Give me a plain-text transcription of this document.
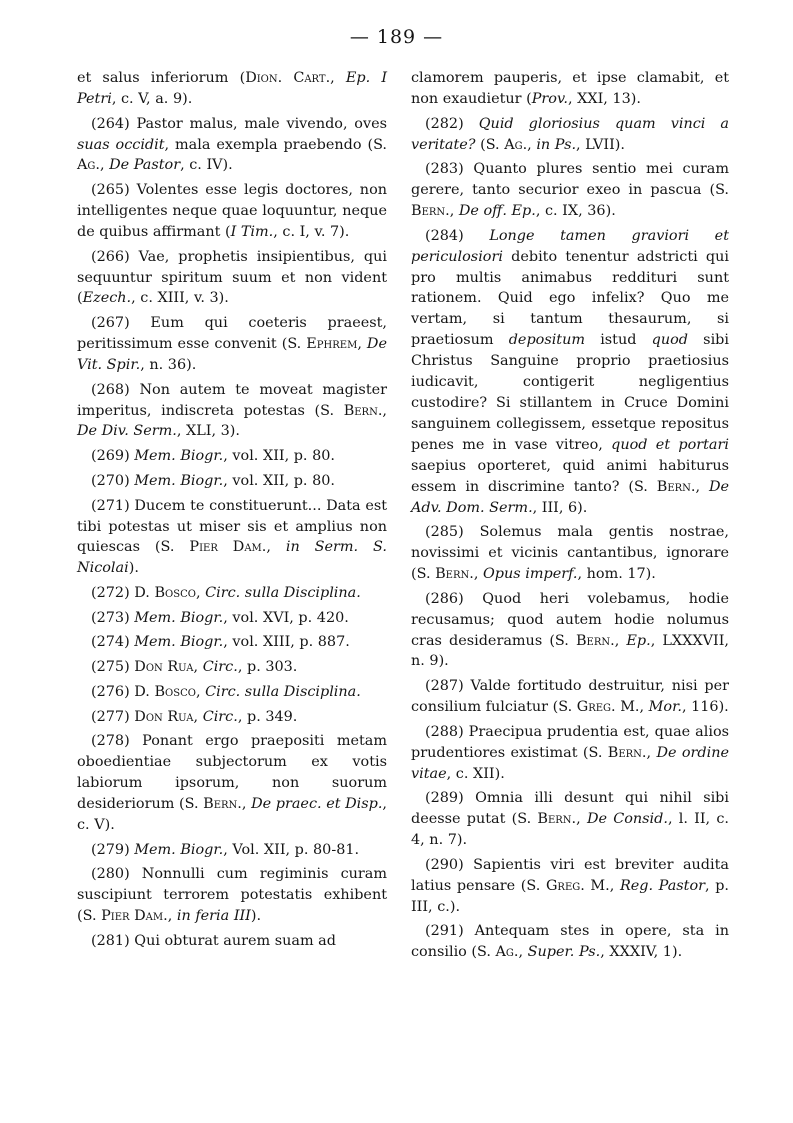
— 189 —

et salus inferiorum (Dion. Cart., Ep. I Petri, c. V, a. 9).

(264) Pastor malus, male vivendo, oves suas occidit, mala exempla praebendo (S. Ag., De Pastor, c. IV).

(265) Volentes esse legis doctores, non intelligentes neque quae loquuntur, neque de quibus affirmant (I Tim., c. I, v. 7).

(266) Vae, prophetis insipientibus, qui sequuntur spiritum suum et non vident (Ezech., c. XIII, v. 3).

(267) Eum qui coeteris praeest, peritissimum esse convenit (S. Ephrem, De Vit. Spir., n. 36).

(268) Non autem te moveat magister imperitus, indiscreta potestas (S. Bern., De Div. Serm., XLI, 3).

(269) Mem. Biogr., vol. XII, p. 80.

(270) Mem. Biogr., vol. XII, p. 80.

(271) Ducem te constituerunt... Data est tibi potestas ut miser sis et amplius non quiescas (S. Pier Dam., in Serm. S. Nicolai).

(272) D. Bosco, Circ. sulla Disciplina.

(273) Mem. Biogr., vol. XVI, p. 420.

(274) Mem. Biogr., vol. XIII, p. 887.

(275) Don Rua, Circ., p. 303.

(276) D. Bosco, Circ. sulla Disciplina.

(277) Don Rua, Circ., p. 349.

(278) Ponant ergo praepositi metam oboedientiae subjectorum ex votis labiorum ipsorum, non suorum desideriorum (S. Bern., De praec. et Disp., c. V).

(279) Mem. Biogr., Vol. XII, p. 80-81.

(280) Nonnulli cum regiminis curam suscipiunt terrorem potestatis exhibent (S. Pier Dam., in feria III).

(281) Qui obturat aurem suam ad

clamorem pauperis, et ipse clamabit, et non exaudietur (Prov., XXI, 13).

(282) Quid gloriosius quam vinci a veritate? (S. Ag., in Ps., LVII).

(283) Quanto plures sentio mei curam gerere, tanto securior exeo in pascua (S. Bern., De off. Ep., c. IX, 36).

(284) Longe tamen graviori et periculosiori debito tenentur adstricti qui pro multis animabus reddituri sunt rationem. Quid ego infelix? Quo me vertam, si tantum thesaurum, si praetiosum depositum istud quod sibi Christus Sanguine proprio praetiosius iudicavit, contigerit negligentius custodire? Si stillantem in Cruce Domini sanguinem collegissem, essetque repositus penes me in vase vitreo, quod et portari saepius oporteret, quid animi habiturus essem in discrimine tanto? (S. Bern., De Adv. Dom. Serm., III, 6).

(285) Solemus mala gentis nostrae, novissimi et vicinis cantantibus, ignorare (S. Bern., Opus imperf., hom. 17).

(286) Quod heri volebamus, hodie recusamus; quod autem hodie nolumus cras desideramus (S. Bern., Ep., LXXXVII, n. 9).

(287) Valde fortitudo destruitur, nisi per consilium fulciatur (S. Greg. M., Mor., 116).

(288) Praecipua prudentia est, quae alios prudentiores existimat (S. Bern., De ordine vitae, c. XII).

(289) Omnia illi desunt qui nihil sibi deesse putat (S. Bern., De Consid., l. II, c. 4, n. 7).

(290) Sapientis viri est breviter audita latius pensare (S. Greg. M., Reg. Pastor, p. III, c.).

(291) Antequam stes in opere, sta in consilio (S. Ag., Super. Ps., XXXIV, 1).
